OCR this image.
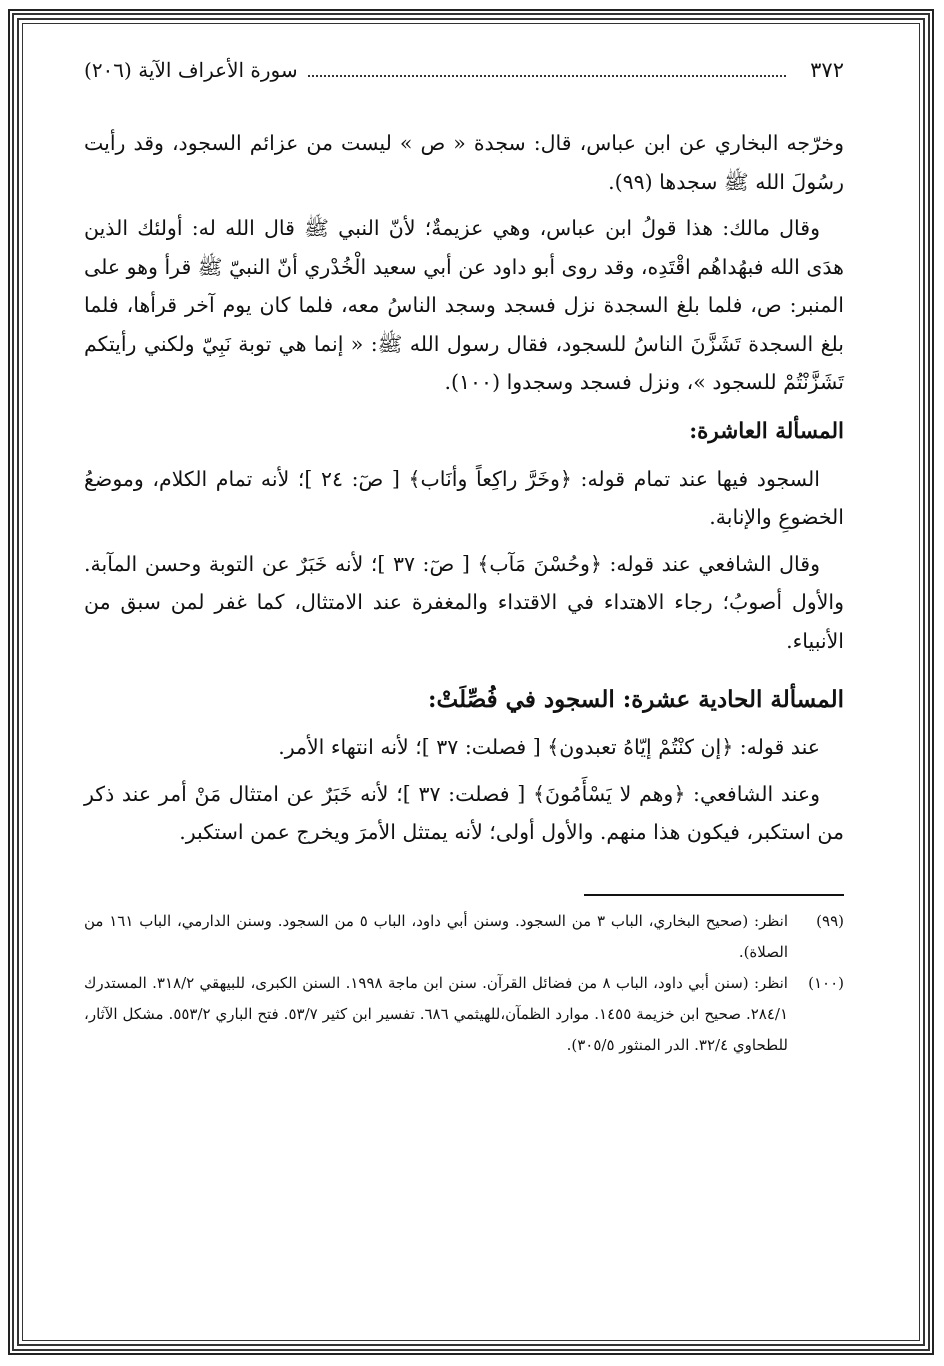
٣٧٢
سورة الأعراف الآية (٢٠٦)

وخرّجه البخاري عن ابن عباس، قال: سجدة « ص » ليست من عزائم السجود، وقد رأيت رسُولَ الله ﷺ سجدها (٩٩).

وقال مالك: هذا قولُ ابن عباس، وهي عزيمةٌ؛ لأنّ النبي ﷺ قال الله له: أولئك الذين هدَى الله فبهُداهُم اقْتَدِه، وقد روى أبو داود عن أبي سعيد الْخُدْري أنّ النبيّ ﷺ قرأ وهو على المنبر: ص، فلما بلغ السجدة نزل فسجد وسجد الناسُ معه، فلما كان يوم آخر قرأها، فلما بلغ السجدة تَشَزَّنَ الناسُ للسجود، فقال رسول الله ﷺ: « إنما هي توبة نَبِيّ ولكني رأيتكم تَشَزَّنْتُمْ للسجود »، ونزل فسجد وسجدوا (١٠٠).

المسألة العاشرة:

السجود فيها عند تمام قوله: ﴿وخَرَّ راكِعاً وأنَاب﴾ [ صٓ: ٢٤ ]؛ لأنه تمام الكلام، وموضعُ الخضوعِ والإنابة.

وقال الشافعي عند قوله: ﴿وحُسْنَ مَآب﴾ [ صٓ: ٣٧ ]؛ لأنه خَبَرٌ عن التوبة وحسن المآبة. والأول أصوبُ؛ رجاء الاهتداء في الاقتداء والمغفرة عند الامتثال، كما غفر لمن سبق من الأنبياء.

المسألة الحادية عشرة: السجود في فُصِّلَتْ:

عند قوله: ﴿إن كنْتُمْ إيّاهُ تعبدون﴾ [ فصلت: ٣٧ ]؛ لأنه انتهاء الأمر.

وعند الشافعي: ﴿وهم لا يَسْأَمُونَ﴾ [ فصلت: ٣٧ ]؛ لأنه خَبَرٌ عن امتثال مَنْ أمر عند ذكر من استكبر، فيكون هذا منهم. والأول أولى؛ لأنه يمتثل الأمرَ ويخرج عمن استكبر.

(٩٩)
انظر: (صحيح البخاري، الباب ٣ من السجود. وسنن أبي داود، الباب ٥ من السجود. وسنن الدارمي، الباب ١٦١ من الصلاة).
(١٠٠)
انظر: (سنن أبي داود، الباب ٨ من فضائل القرآن. سنن ابن ماجة ١٩٩٨. السنن الكبرى، للبيهقي ٣١٨/٢. المستدرك ٢٨٤/١. صحيح ابن خزيمة ١٤٥٥. موارد الظمآن،للهيثمي ٦٨٦. تفسير ابن كثير ٥٣/٧. فتح الباري ٥٥٣/٢. مشكل الآثار، للطحاوي ٣٢/٤. الدر المنثور ٣٠٥/٥).
